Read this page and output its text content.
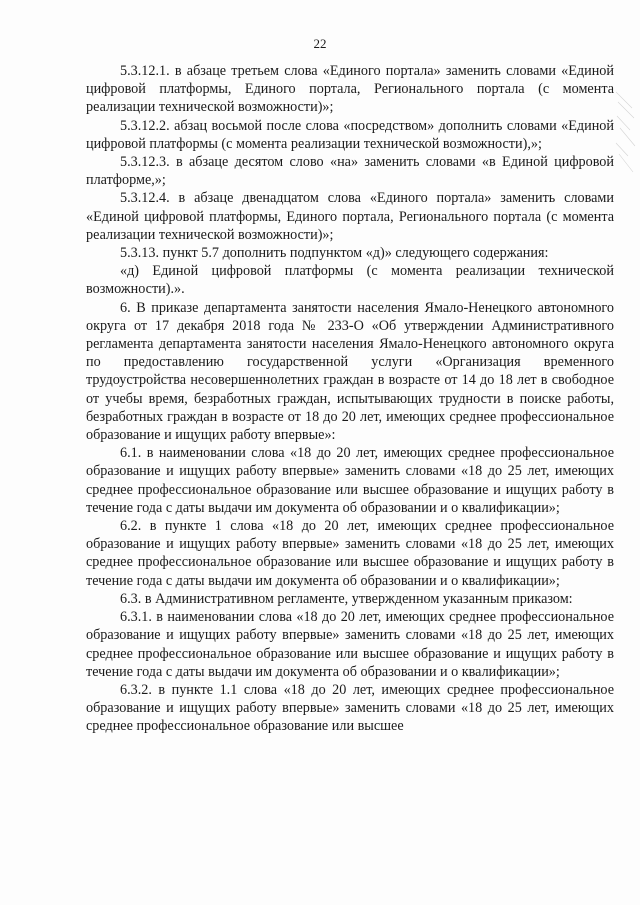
22

5.3.12.1. в абзаце третьем слова «Единого портала» заменить словами «Единой цифровой платформы, Единого портала, Регионального портала (с момента реализации технической возможности)»;

5.3.12.2. абзац восьмой после слова «посредством» дополнить словами «Единой цифровой платформы (с момента реализации технической возможности),»;

5.3.12.3. в абзаце десятом слово «на» заменить словами «в Единой цифровой платформе,»;

5.3.12.4. в абзаце двенадцатом слова «Единого портала» заменить словами «Единой цифровой платформы, Единого портала, Регионального портала (с момента реализации технической возможности)»;

5.3.13. пункт 5.7 дополнить подпунктом «д)» следующего содержания:

«д) Единой цифровой платформы (с момента реализации технической возможности).».

6. В приказе департамента занятости населения Ямало-Ненецкого автономного округа от 17 декабря 2018 года № 233-О «Об утверждении Административного регламента департамента занятости населения Ямало-Ненецкого автономного округа по предоставлению государственной услуги «Организация временного трудоустройства несовершеннолетних граждан в возрасте от 14 до 18 лет в свободное от учебы время, безработных граждан, испытывающих трудности в поиске работы, безработных граждан в возрасте от 18 до 20 лет, имеющих среднее профессиональное образование и ищущих работу впервые»:

6.1. в наименовании слова «18 до 20 лет, имеющих среднее профессиональное образование и ищущих работу впервые» заменить словами «18 до 25 лет, имеющих среднее профессиональное образование или высшее образование и ищущих работу в течение года с даты выдачи им документа об образовании и о квалификации»;

6.2. в пункте 1 слова «18 до 20 лет, имеющих среднее профессиональное образование и ищущих работу впервые» заменить словами «18 до 25 лет, имеющих среднее профессиональное образование или высшее образование и ищущих работу в течение года с даты выдачи им документа об образовании и о квалификации»;

6.3. в Административном регламенте, утвержденном указанным приказом:

6.3.1. в наименовании слова «18 до 20 лет, имеющих среднее профессиональное образование и ищущих работу впервые» заменить словами «18 до 25 лет, имеющих среднее профессиональное образование или высшее образование и ищущих работу в течение года с даты выдачи им документа об образовании и о квалификации»;

6.3.2. в пункте 1.1 слова «18 до 20 лет, имеющих среднее профессиональное образование и ищущих работу впервые» заменить словами «18 до 25 лет, имеющих среднее профессиональное образование или высшее
